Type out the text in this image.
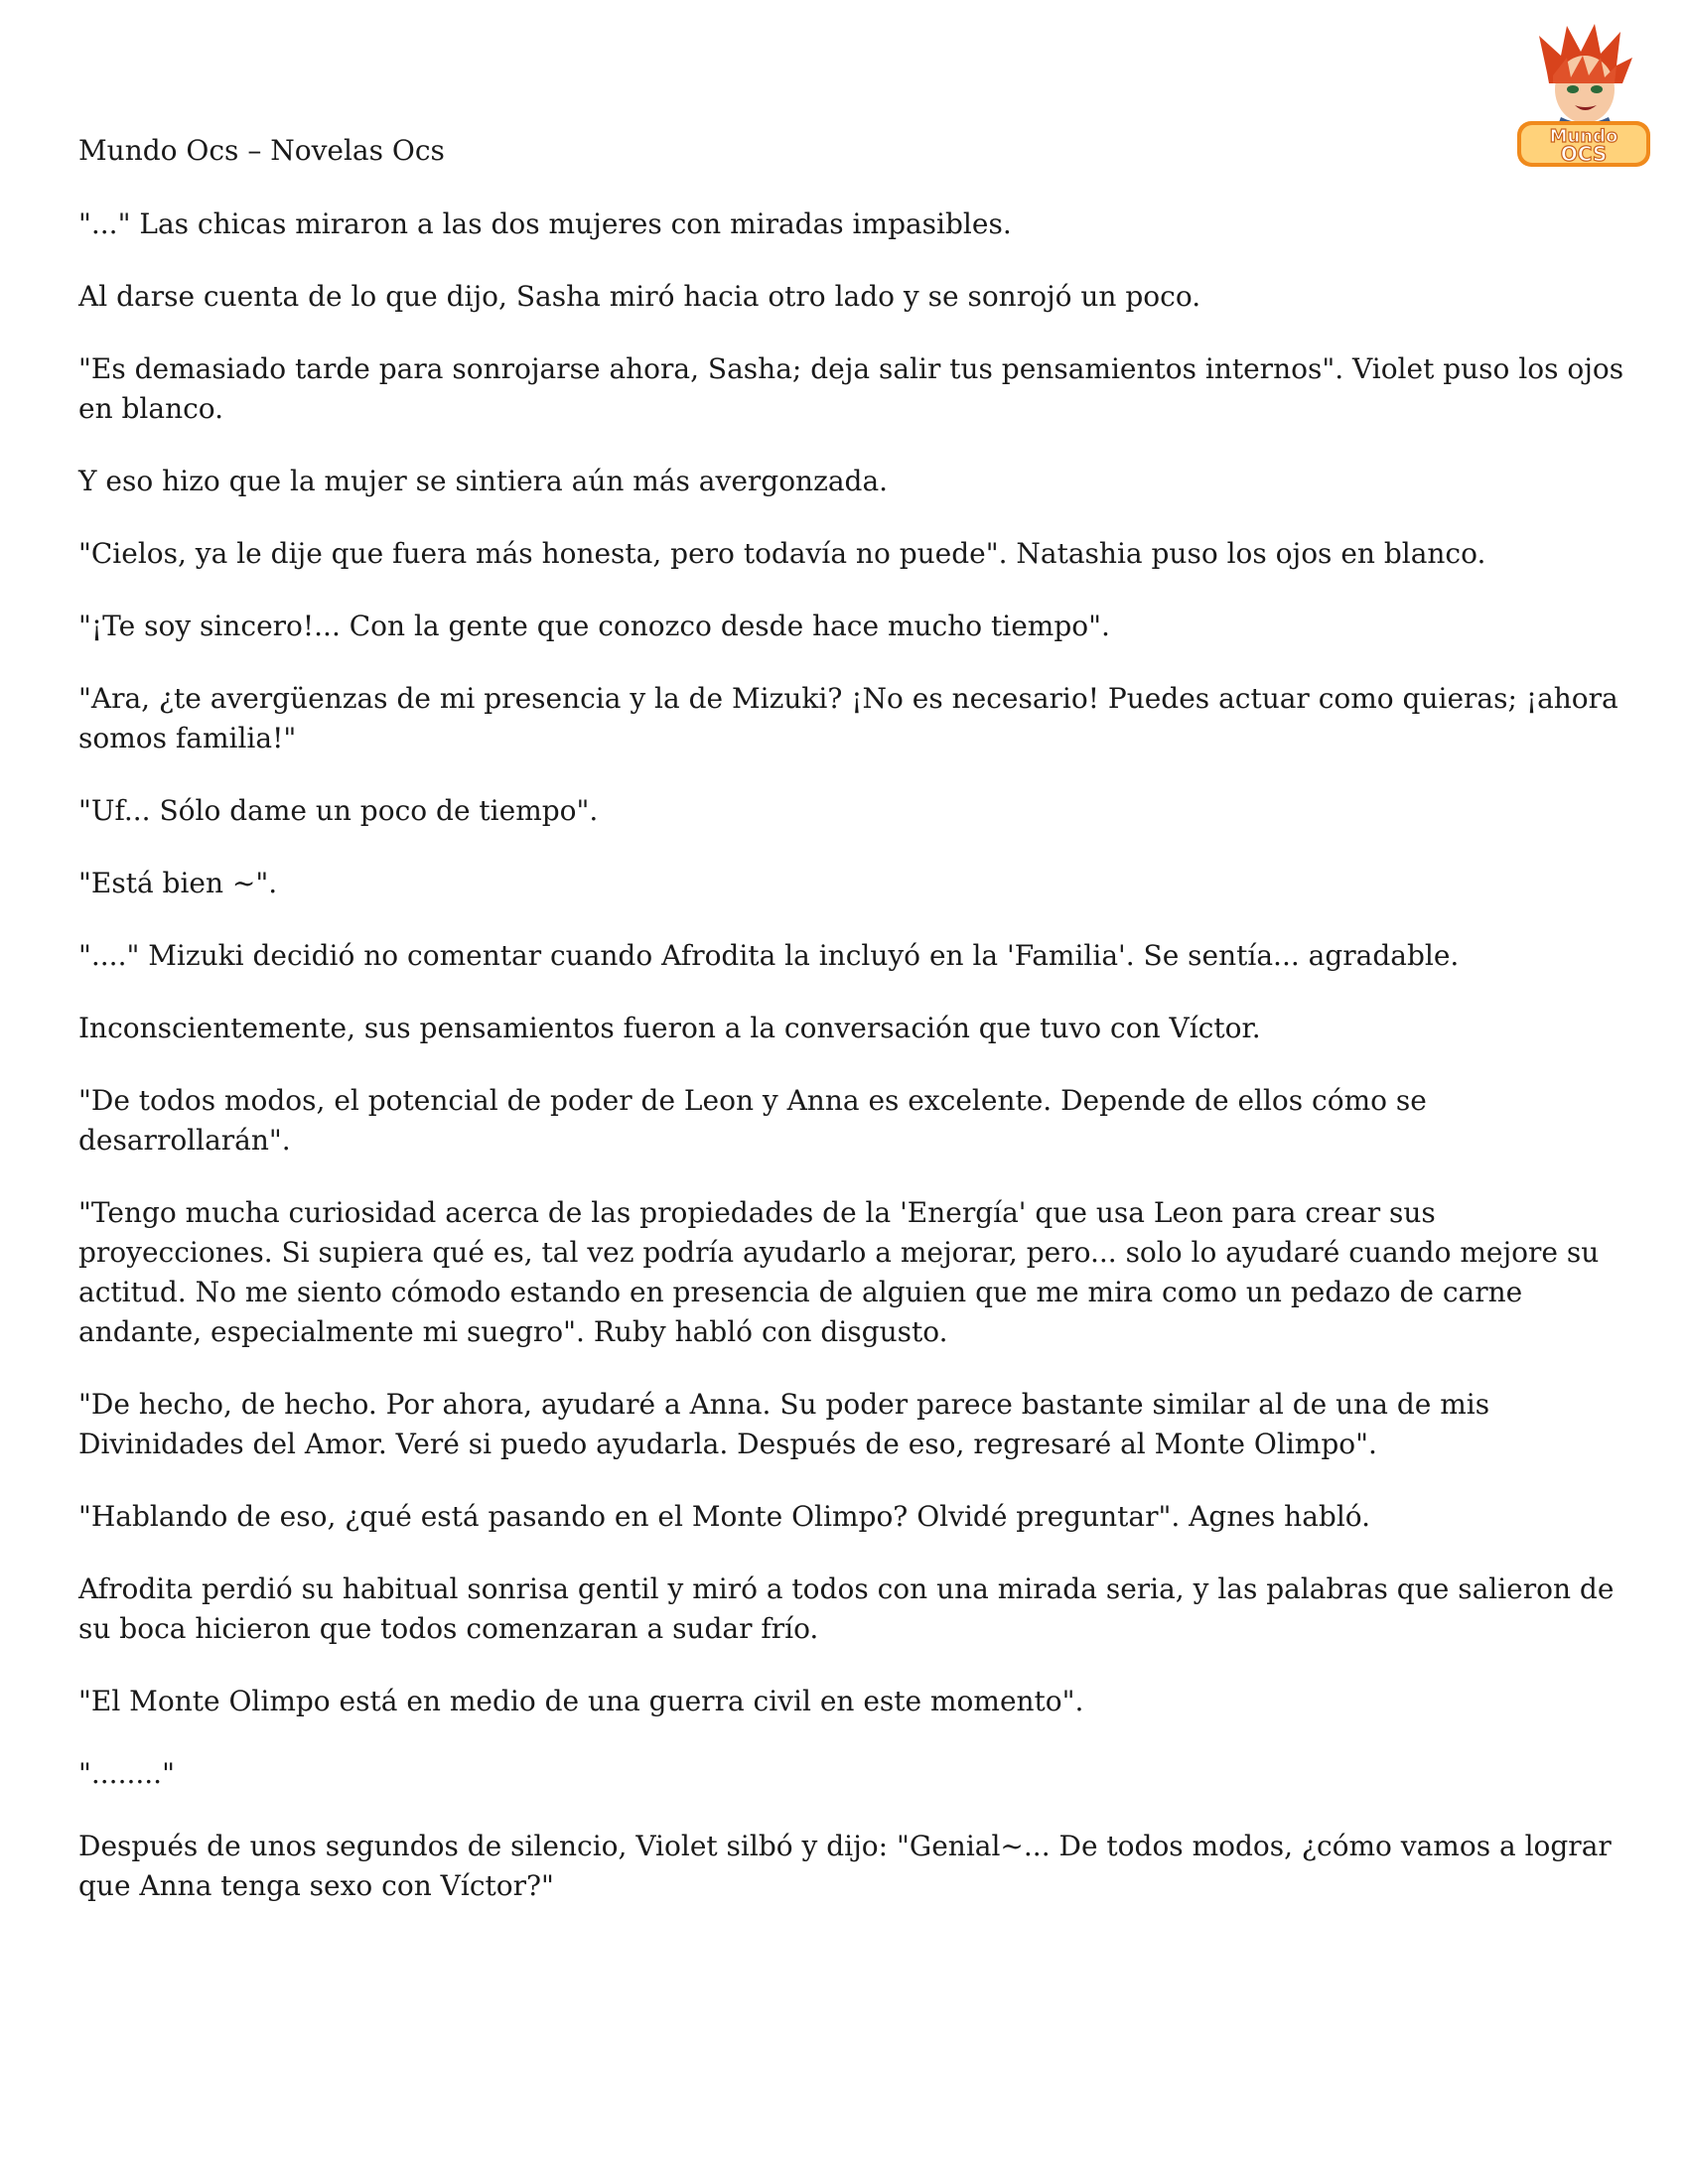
Mundo
OCS

Mundo Ocs – Novelas Ocs

"..." Las chicas miraron a las dos mujeres con miradas impasibles.

Al darse cuenta de lo que dijo, Sasha miró hacia otro lado y se sonrojó un poco.

"Es demasiado tarde para sonrojarse ahora, Sasha; deja salir tus pensamientos internos". Violet puso los ojos en blanco.

Y eso hizo que la mujer se sintiera aún más avergonzada.

"Cielos, ya le dije que fuera más honesta, pero todavía no puede". Natashia puso los ojos en blanco.

"¡Te soy sincero!... Con la gente que conozco desde hace mucho tiempo".

"Ara, ¿te avergüenzas de mi presencia y la de Mizuki? ¡No es necesario! Puedes actuar como quieras; ¡ahora somos familia!"

"Uf... Sólo dame un poco de tiempo".

"Está bien ~".

"...." Mizuki decidió no comentar cuando Afrodita la incluyó en la 'Familia'. Se sentía... agradable.

Inconscientemente, sus pensamientos fueron a la conversación que tuvo con Víctor.

"De todos modos, el potencial de poder de Leon y Anna es excelente. Depende de ellos cómo se desarrollarán".

"Tengo mucha curiosidad acerca de las propiedades de la 'Energía' que usa Leon para crear sus proyecciones. Si supiera qué es, tal vez podría ayudarlo a mejorar, pero... solo lo ayudaré cuando mejore su actitud. No me siento cómodo estando en presencia de alguien que me mira como un pedazo de carne andante, especialmente mi suegro". Ruby habló con disgusto.

"De hecho, de hecho. Por ahora, ayudaré a Anna. Su poder parece bastante similar al de una de mis Divinidades del Amor. Veré si puedo ayudarla. Después de eso, regresaré al Monte Olimpo".

"Hablando de eso, ¿qué está pasando en el Monte Olimpo? Olvidé preguntar". Agnes habló.

Afrodita perdió su habitual sonrisa gentil y miró a todos con una mirada seria, y las palabras que salieron de su boca hicieron que todos comenzaran a sudar frío.

"El Monte Olimpo está en medio de una guerra civil en este momento".

"........"

Después de unos segundos de silencio, Violet silbó y dijo: "Genial~... De todos modos, ¿cómo vamos a lograr que Anna tenga sexo con Víctor?"
